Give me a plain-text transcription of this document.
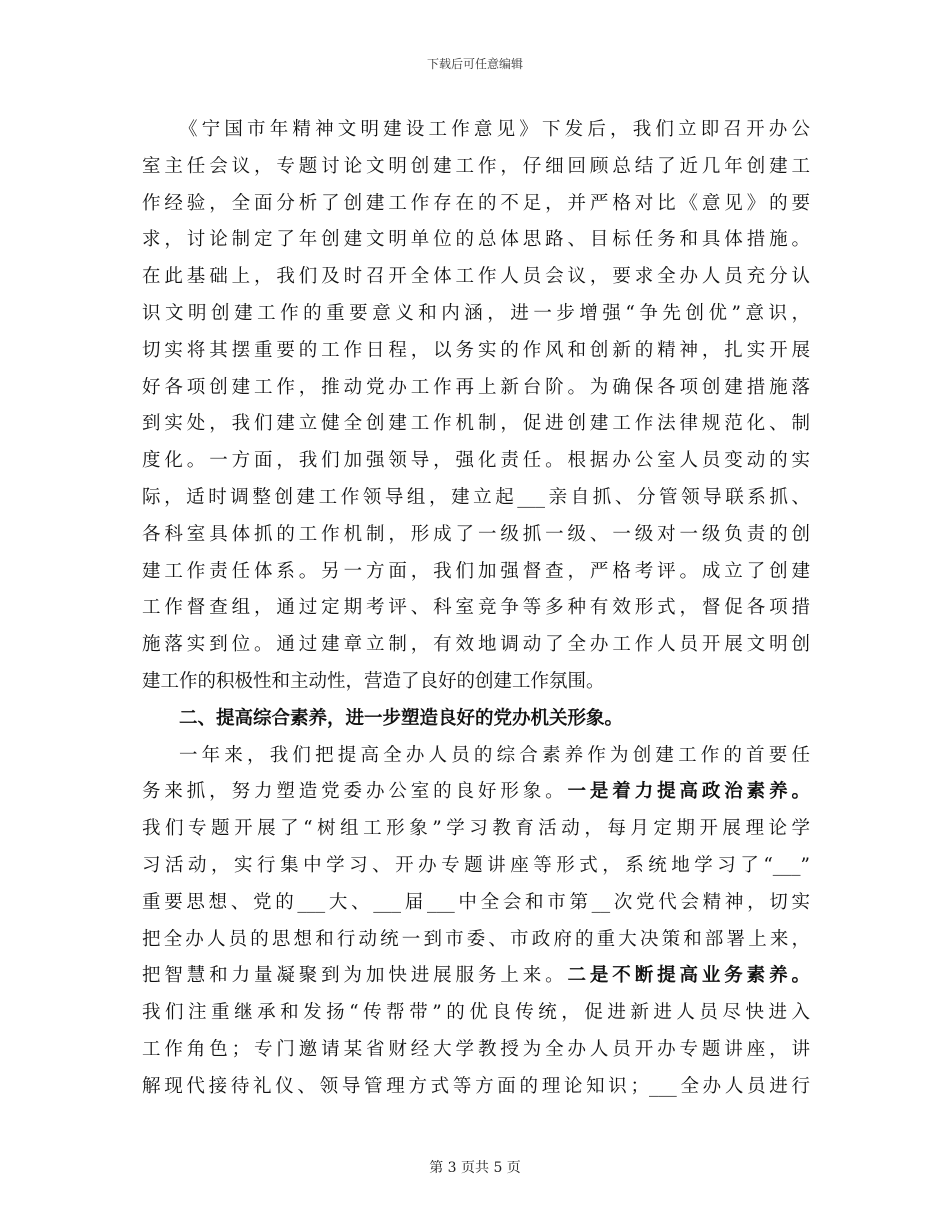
下载后可任意编辑
《宁国市年精神文明建设工作意见》下发后，我们立即召开办公
室主任会议，专题讨论文明创建工作，仔细回顾总结了近几年创建工
作经验，全面分析了创建工作存在的不足，并严格对比《意见》的要
求，讨论制定了年创建文明单位的总体思路、目标任务和具体措施。
在此基础上，我们及时召开全体工作人员会议，要求全办人员充分认
识文明创建工作的重要意义和内涵，进一步增强“争先创优”意识，
切实将其摆重要的工作日程，以务实的作风和创新的精神，扎实开展
好各项创建工作，推动党办工作再上新台阶。为确保各项创建措施落
到实处，我们建立健全创建工作机制，促进创建工作法律规范化、制
度化。一方面，我们加强领导，强化责任。根据办公室人员变动的实
际，适时调整创建工作领导组，建立起___亲自抓、分管领导联系抓、
各科室具体抓的工作机制，形成了一级抓一级、一级对一级负责的创
建工作责任体系。另一方面，我们加强督查，严格考评。成立了创建
工作督查组，通过定期考评、科室竞争等多种有效形式，督促各项措
施落实到位。通过建章立制，有效地调动了全办工作人员开展文明创
建工作的积极性和主动性，营造了良好的创建工作氛围。
二、提高综合素养，进一步塑造良好的党办机关形象。
一年来，我们把提高全办人员的综合素养作为创建工作的首要任
务来抓，努力塑造党委办公室的良好形象。一是着力提高政治素养。
我们专题开展了“树组工形象”学习教育活动，每月定期开展理论学
习活动，实行集中学习、开办专题讲座等形式，系统地学习了“___”
重要思想、党的___大、___届___中全会和市第__次党代会精神，切实
把全办人员的思想和行动统一到市委、市政府的重大决策和部署上来，
把智慧和力量凝聚到为加快进展服务上来。二是不断提高业务素养。
我们注重继承和发扬“传帮带”的优良传统，促进新进人员尽快进入
工作角色；专门邀请某省财经大学教授为全办人员开办专题讲座，讲
解现代接待礼仪、领导管理方式等方面的理论知识；___全办人员进行
第 3 页共 5 页
